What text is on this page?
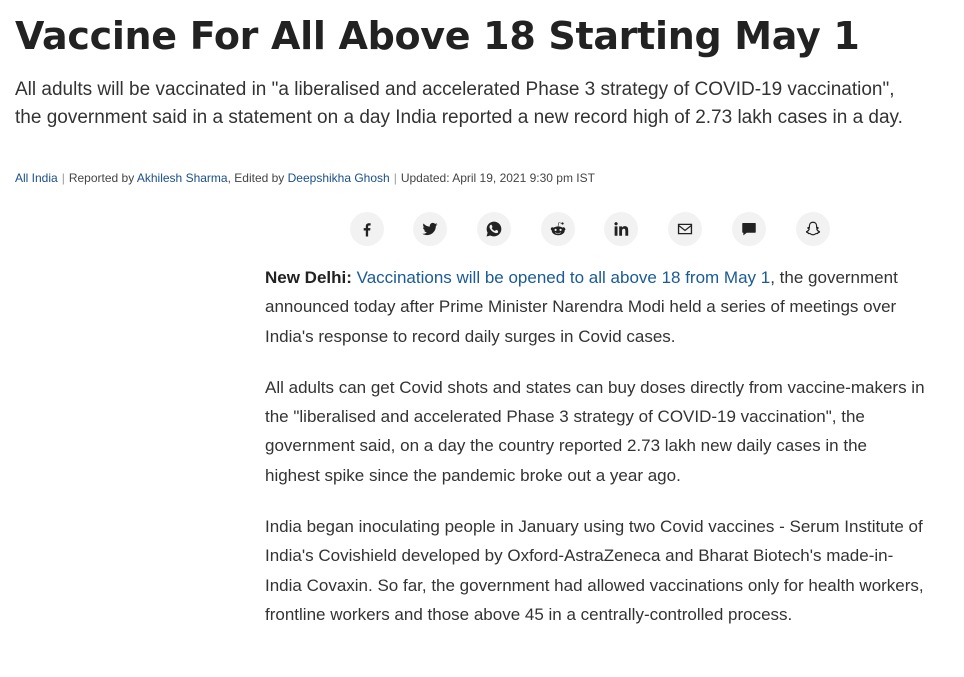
Vaccine For All Above 18 Starting May 1

All adults will be vaccinated in "a liberalised and accelerated Phase 3 strategy of COVID-19 vaccination", the government said in a statement on a day India reported a new record high of 2.73 lakh cases in a day.

All India | Reported by Akhilesh Sharma, Edited by Deepshikha Ghosh | Updated: April 19, 2021 9:30 pm IST

New Delhi: Vaccinations will be opened to all above 18 from May 1, the government announced today after Prime Minister Narendra Modi held a series of meetings over India's response to record daily surges in Covid cases.

All adults can get Covid shots and states can buy doses directly from vaccine-makers in the "liberalised and accelerated Phase 3 strategy of COVID-19 vaccination", the government said, on a day the country reported 2.73 lakh new daily cases in the highest spike since the pandemic broke out a year ago.

India began inoculating people in January using two Covid vaccines - Serum Institute of India's Covishield developed by Oxford-AstraZeneca and Bharat Biotech's made-in-India Covaxin. So far, the government had allowed vaccinations only for health workers, frontline workers and those above 45 in a centrally-controlled process.
